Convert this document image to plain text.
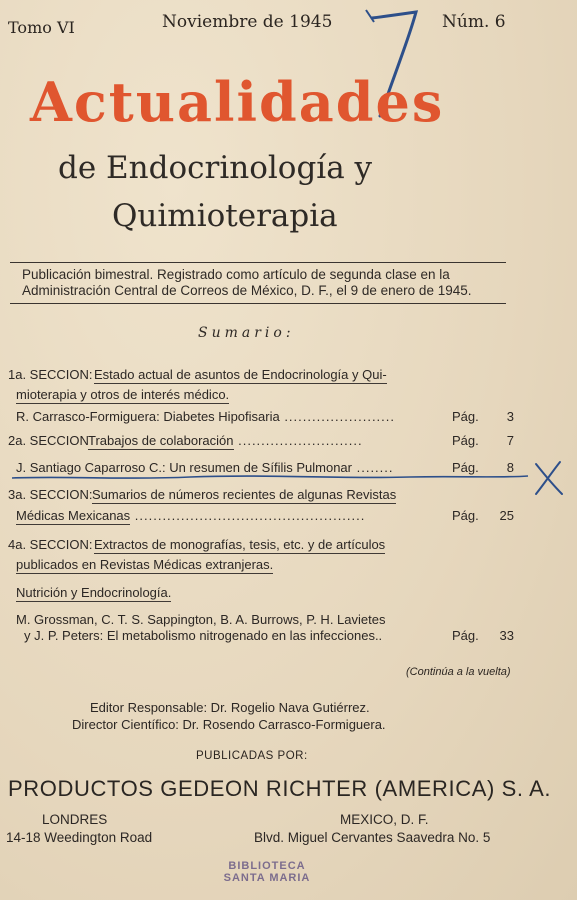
Tomo VI	Noviembre de 1945	Núm. 6
Actualidades
de Endocrinología y
Quimioterapia
Publicación bimestral. Registrado como artículo de segunda clase en la
Administración Central de Correos de México, D. F., el 9 de enero de 1945.
Sumario:
1a. SECCION: Estado actual de asuntos de Endocrinología y Qui-
mioterapia y otros de interés médico.
R. Carrasco-Formiguera: Diabetes Hipofisaria ........................	Pág.	3
2a. SECCION Trabajos de colaboración ...........................	Pág.	7
J. Santiago Caparroso C.: Un resumen de Sífilis Pulmonar ........	Pág.	8
3a. SECCION: Sumarios de números recientes de algunas Revistas
Médicas Mexicanas ..................................................	Pág.	25
4a. SECCION: Extractos de monografías, tesis, etc. y de artículos
publicados en Revistas Médicas extranjeras.
Nutrición y Endocrinología.
M. Grossman, C. T. S. Sappington, B. A. Burrows, P. H. Lavietes
y J. P. Peters: El metabolismo nitrogenado en las infecciones..	Pág.	33
(Continúa a la vuelta)
Editor Responsable: Dr. Rogelio Nava Gutiérrez.
Director Científico: Dr. Rosendo Carrasco-Formiguera.
PUBLICADAS POR:
PRODUCTOS GEDEON RICHTER (AMERICA) S. A.
LONDRES
14-18 Weedington Road
MEXICO, D. F.
Blvd. Miguel Cervantes Saavedra No. 5
BIBLIOTECA
SANTA MARIA
